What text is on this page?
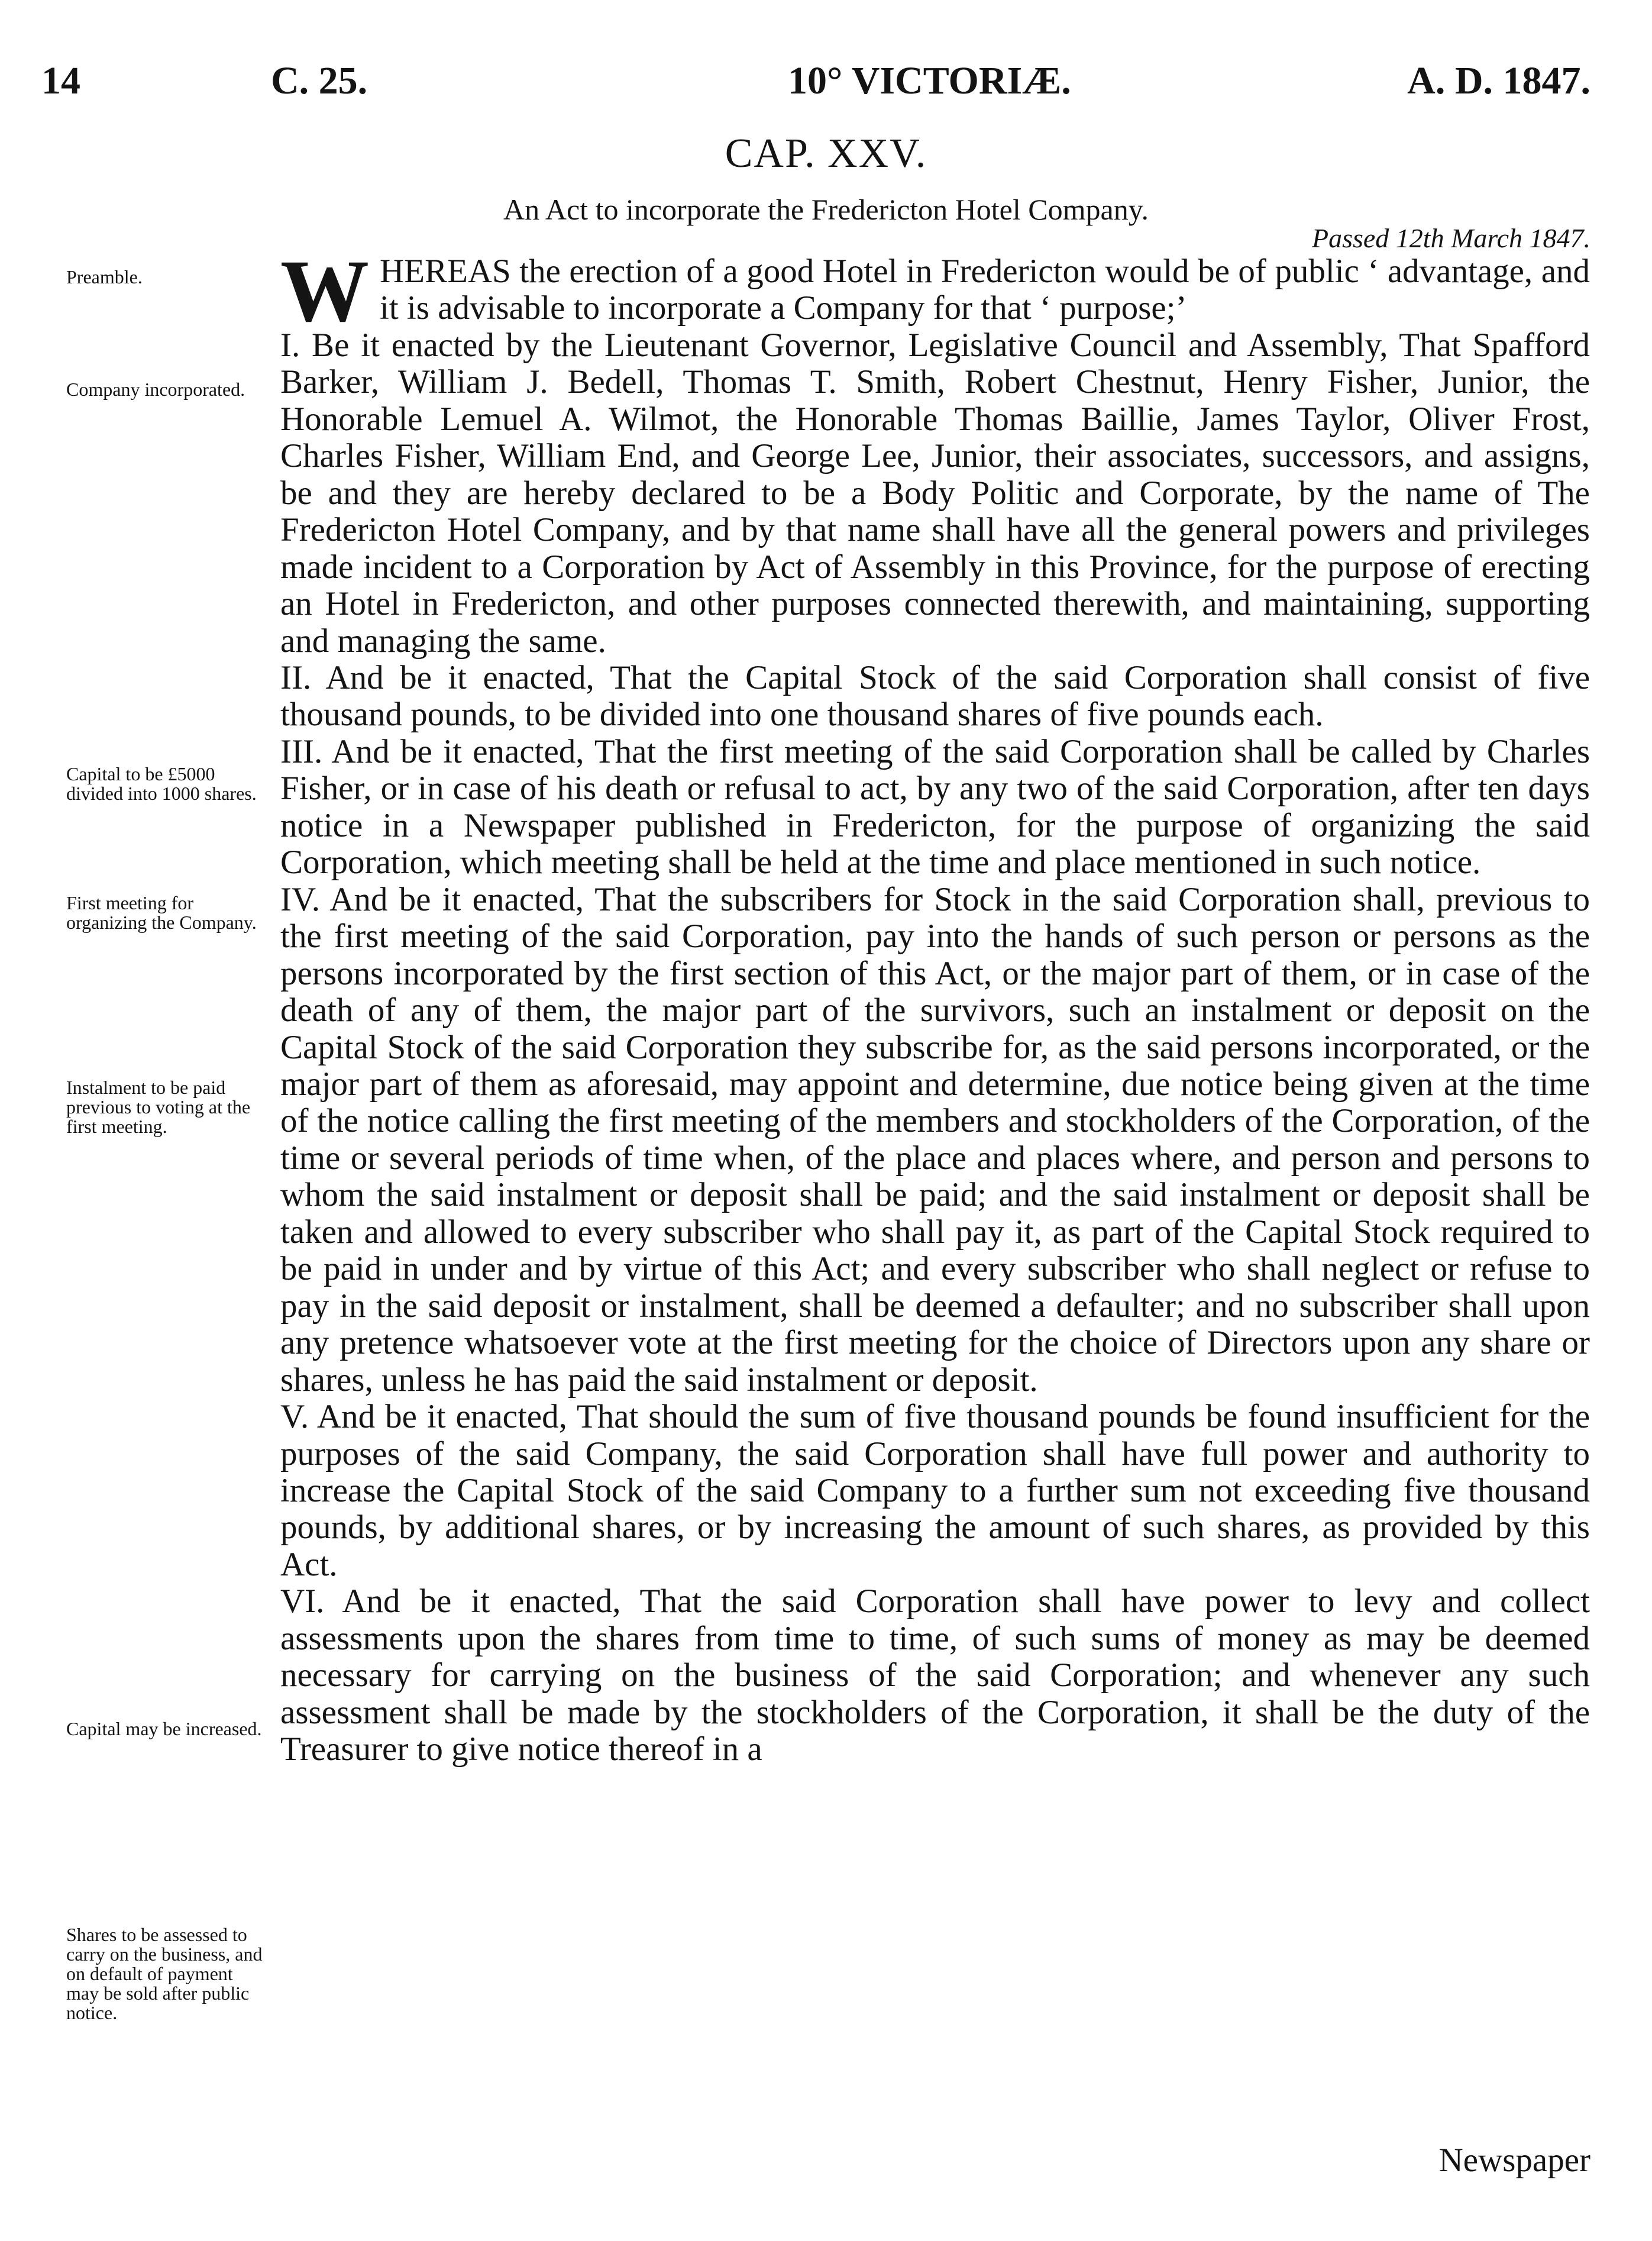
14	C. 25.	10° VICTORIÆ.	A. D. 1847.
CAP. XXV.
An Act to incorporate the Fredericton Hotel Company.
Passed 12th March 1847.
Preamble.
Company incorporated.
Capital to be £5000 divided into 1000 shares.
First meeting for organizing the Company.
Instalment to be paid previous to voting at the first meeting.
Capital may be increased.
Shares to be assessed to carry on the business, and on default of payment may be sold after public notice.

WHEREAS the erection of a good Hotel in Fredericton would be of public ‘ advantage, and it is advisable to incorporate a Company for that ‘ purpose;’

I. Be it enacted by the Lieutenant Governor, Legislative Council and Assembly, That Spafford Barker, William J. Bedell, Thomas T. Smith, Robert Chestnut, Henry Fisher, Junior, the Honorable Lemuel A. Wilmot, the Honorable Thomas Baillie, James Taylor, Oliver Frost, Charles Fisher, William End, and George Lee, Junior, their associates, successors, and assigns, be and they are hereby declared to be a Body Politic and Corporate, by the name of The Fredericton Hotel Company, and by that name shall have all the general powers and privileges made incident to a Corporation by Act of Assembly in this Province, for the purpose of erecting an Hotel in Fredericton, and other purposes connected therewith, and maintaining, supporting and managing the same.

II. And be it enacted, That the Capital Stock of the said Corporation shall consist of five thousand pounds, to be divided into one thousand shares of five pounds each.

III. And be it enacted, That the first meeting of the said Corporation shall be called by Charles Fisher, or in case of his death or refusal to act, by any two of the said Corporation, after ten days notice in a Newspaper published in Fredericton, for the purpose of organizing the said Corporation, which meeting shall be held at the time and place mentioned in such notice.

IV. And be it enacted, That the subscribers for Stock in the said Corporation shall, previous to the first meeting of the said Corporation, pay into the hands of such person or persons as the persons incorporated by the first section of this Act, or the major part of them, or in case of the death of any of them, the major part of the survivors, such an instalment or deposit on the Capital Stock of the said Corporation they subscribe for, as the said persons incorporated, or the major part of them as aforesaid, may appoint and determine, due notice being given at the time of the notice calling the first meeting of the members and stockholders of the Corporation, of the time or several periods of time when, of the place and places where, and person and persons to whom the said instalment or deposit shall be paid; and the said instalment or deposit shall be taken and allowed to every subscriber who shall pay it, as part of the Capital Stock required to be paid in under and by virtue of this Act; and every subscriber who shall neglect or refuse to pay in the said deposit or instalment, shall be deemed a defaulter; and no subscriber shall upon any pretence whatsoever vote at the first meeting for the choice of Directors upon any share or shares, unless he has paid the said instalment or deposit.

V. And be it enacted, That should the sum of five thousand pounds be found insufficient for the purposes of the said Company, the said Corporation shall have full power and authority to increase the Capital Stock of the said Company to a further sum not exceeding five thousand pounds, by additional shares, or by increasing the amount of such shares, as provided by this Act.

VI. And be it enacted, That the said Corporation shall have power to levy and collect assessments upon the shares from time to time, of such sums of money as may be deemed necessary for carrying on the business of the said Corporation; and whenever any such assessment shall be made by the stockholders of the Corporation, it shall be the duty of the Treasurer to give notice thereof in a

Newspaper
